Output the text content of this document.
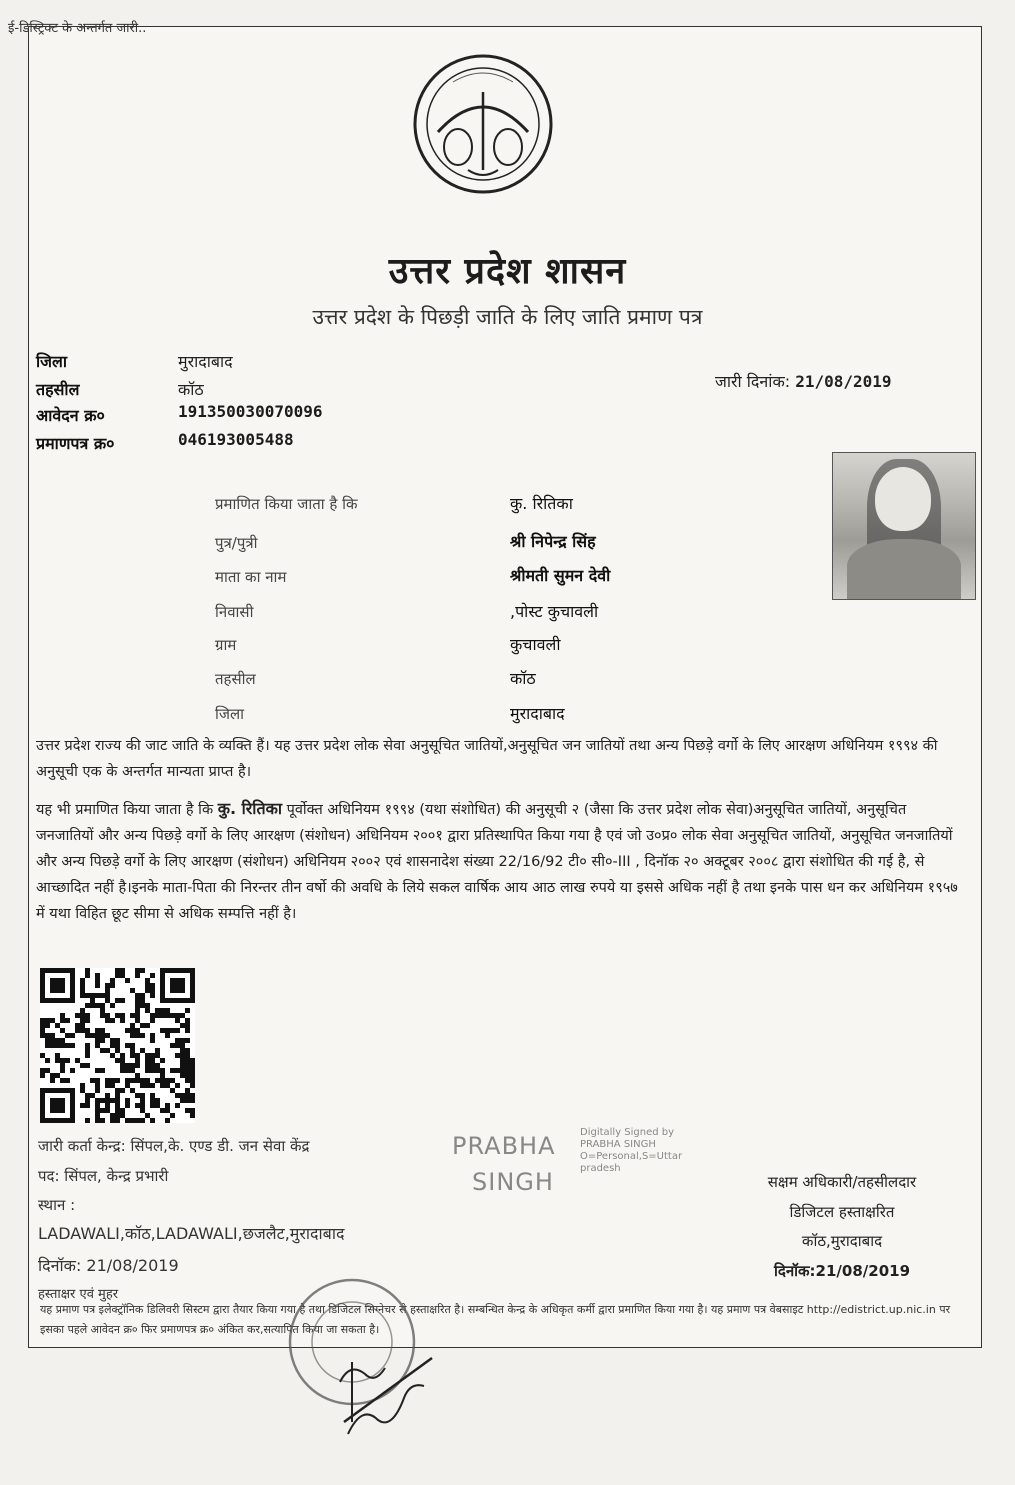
ई-डिस्ट्रिक्ट के अन्तर्गत जारी..
उत्तर प्रदेश शासन
उत्तर प्रदेश के पिछड़ी जाति के लिए जाति प्रमाण पत्र
जिला	मुरादाबाद
तहसील	कॉठ
आवेदन क्र०	191350030070096
प्रमाणपत्र क्र०	046193005488
जारी दिनांक: 21/08/2019
प्रमाणित किया जाता है कि	कु. रितिका
पुत्र/पुत्री	श्री निपेन्द्र सिंह
माता का नाम	श्रीमती सुमन देवी
निवासी	,पोस्ट कुचावली
ग्राम	कुचावली
तहसील	कॉठ
जिला	मुरादाबाद
उत्तर प्रदेश राज्य की जाट जाति के व्यक्ति हैं। यह उत्तर प्रदेश लोक सेवा अनुसूचित जातियों,अनुसूचित जन जातियों तथा अन्य पिछड़े वर्गो के लिए आरक्षण अधिनियम १९९४ की अनुसूची एक के अन्तर्गत मान्यता प्राप्त है।
यह भी प्रमाणित किया जाता है कि कु. रितिका पूर्वोक्त अधिनियम १९९४ (यथा संशोधित) की अनुसूची २ (जैसा कि उत्तर प्रदेश लोक सेवा)अनुसूचित जातियों, अनुसूचित जनजातियों और अन्य पिछड़े वर्गो के लिए आरक्षण (संशोधन) अधिनियम २००१ द्वारा प्रतिस्थापित किया गया है एवं जो उ०प्र० लोक सेवा अनुसूचित जातियों, अनुसूचित जनजातियों और अन्य पिछड़े वर्गो के लिए आरक्षण (संशोधन) अधिनियम २००२ एवं शासनादेश संख्या 22/16/92 टी० सी०-III , दिनॉक २० अक्टूबर २००८ द्वारा संशोधित की गई है, से आच्छादित नहीं है।इनके माता-पिता की निरन्तर तीन वर्षो की अवधि के लिये सकल वार्षिक आय आठ लाख रुपये या इससे अधिक नहीं है तथा इनके पास धन कर अधिनियम १९५७ में यथा विहित छूट सीमा से अधिक सम्पत्ति नहीं है।
जारी कर्ता केन्द्र: सिंपल,के. एण्ड डी. जन सेवा केंद्र
पद: सिंपल, केन्द्र प्रभारी
स्थान :
LADAWALI,कॉठ,LADAWALI,छजलैट,मुरादाबाद
दिनॉक: 21/08/2019
हस्ताक्षर एवं मुहर
PRABHA
SINGH
Digitally Signed by PRABHA SINGH O=Personal,S=Uttar pradesh
सक्षम अधिकारी/तहसीलदार
डिजिटल हस्ताक्षरित
कॉठ,मुरादाबाद
दिनॉक:21/08/2019
यह प्रमाण पत्र इलेक्ट्रॉनिक डिलिवरी सिस्टम द्वारा तैयार किया गया है तथा डिजिटल सिग्नेचर से हस्ताक्षरित है। सम्बन्धित केन्द्र के अधिकृत कर्मी द्वारा प्रमाणित किया गया है। यह प्रमाण पत्र वेबसाइट http://edistrict.up.nic.in पर इसका पहले आवेदन क्र० फिर प्रमाणपत्र क्र० अंकित कर,सत्यापित किया जा सकता है।
